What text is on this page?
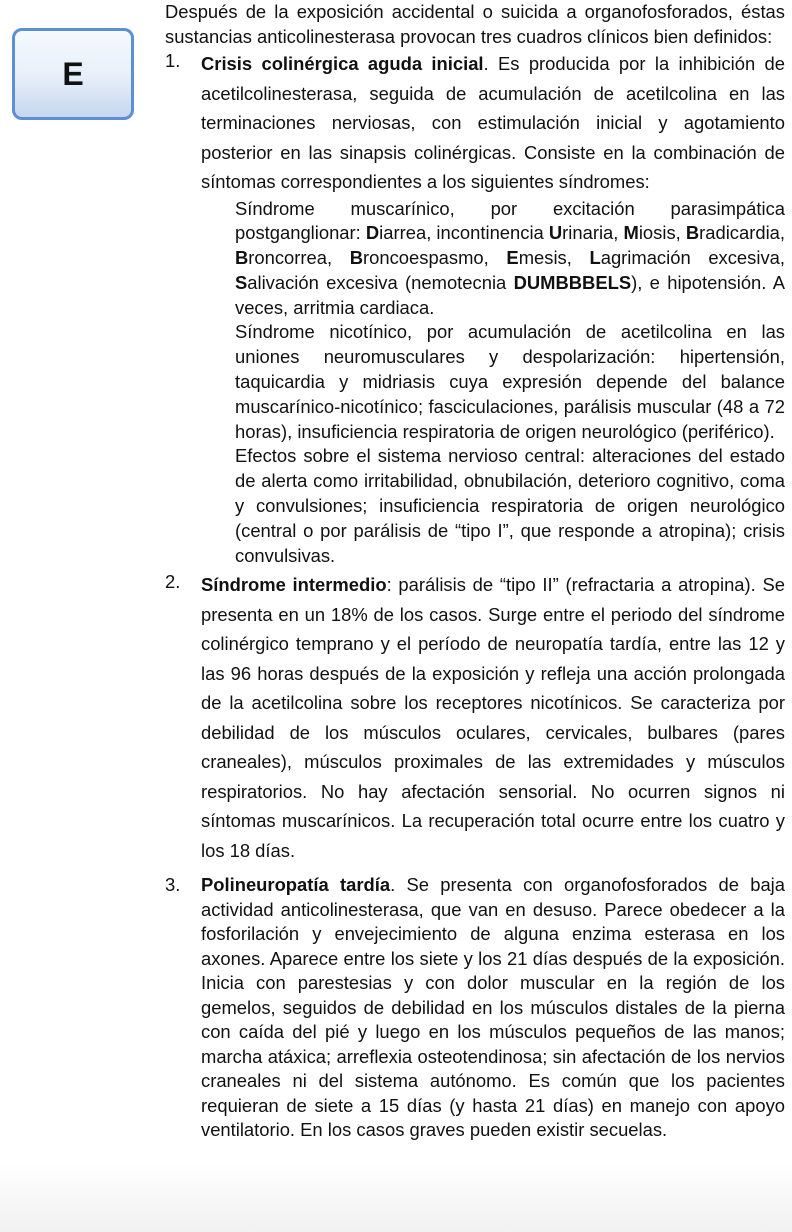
E

Después de la exposición accidental o suicida a organofosforados, éstas sustancias anticolinesterasa provocan tres cuadros clínicos bien definidos:

1. Crisis colinérgica aguda inicial. Es producida por la inhibición de acetilcolinesterasa, seguida de acumulación de acetilcolina en las terminaciones nerviosas, con estimulación inicial y agotamiento posterior en las sinapsis colinérgicas. Consiste en la combinación de síntomas correspondientes a los siguientes síndromes:

Síndrome muscarínico, por excitación parasimpática postganglionar: Diarrea, incontinencia Urinaria, Miosis, Bradicardia, Broncorrea, Broncoespasmo, Emesis, Lagrimación excesiva, Salivación excesiva (nemotecnia DUMBBBELS), e hipotensión. A veces, arritmia cardiaca.
Síndrome nicotínico, por acumulación de acetilcolina en las uniones neuromusculares y despolarización: hipertensión, taquicardia y midriasis cuya expresión depende del balance muscarínico-nicotínico; fasciculaciones, parálisis muscular (48 a 72 horas), insuficiencia respiratoria de origen neurológico (periférico).
Efectos sobre el sistema nervioso central: alteraciones del estado de alerta como irritabilidad, obnubilación, deterioro cognitivo, coma y convulsiones; insuficiencia respiratoria de origen neurológico (central o por parálisis de “tipo I”, que responde a atropina); crisis convulsivas.
2. Síndrome intermedio: parálisis de “tipo II” (refractaria a atropina). Se presenta en un 18% de los casos. Surge entre el periodo del síndrome colinérgico temprano y el período de neuropatía tardía, entre las 12 y las 96 horas después de la exposición y refleja una acción prolongada de la acetilcolina sobre los receptores nicotínicos. Se caracteriza por debilidad de los músculos oculares, cervicales, bulbares (pares craneales), músculos proximales de las extremidades y músculos respiratorios. No hay afectación sensorial. No ocurren signos ni síntomas muscarínicos. La recuperación total ocurre entre los cuatro y los 18 días.

3. Polineuropatía tardía. Se presenta con organofosforados de baja actividad anticolinesterasa, que van en desuso. Parece obedecer a la fosforilación y envejecimiento de alguna enzima esterasa en los axones. Aparece entre los siete y los 21 días después de la exposición. Inicia con parestesias y con dolor muscular en la región de los gemelos, seguidos de debilidad en los músculos distales de la pierna con caída del pié y luego en los músculos pequeños de las manos; marcha atáxica; arreflexia osteotendinosa; sin afectación de los nervios craneales ni del sistema autónomo. Es común que los pacientes requieran de siete a 15 días (y hasta 21 días) en manejo con apoyo ventilatorio. En los casos graves pueden existir secuelas.
